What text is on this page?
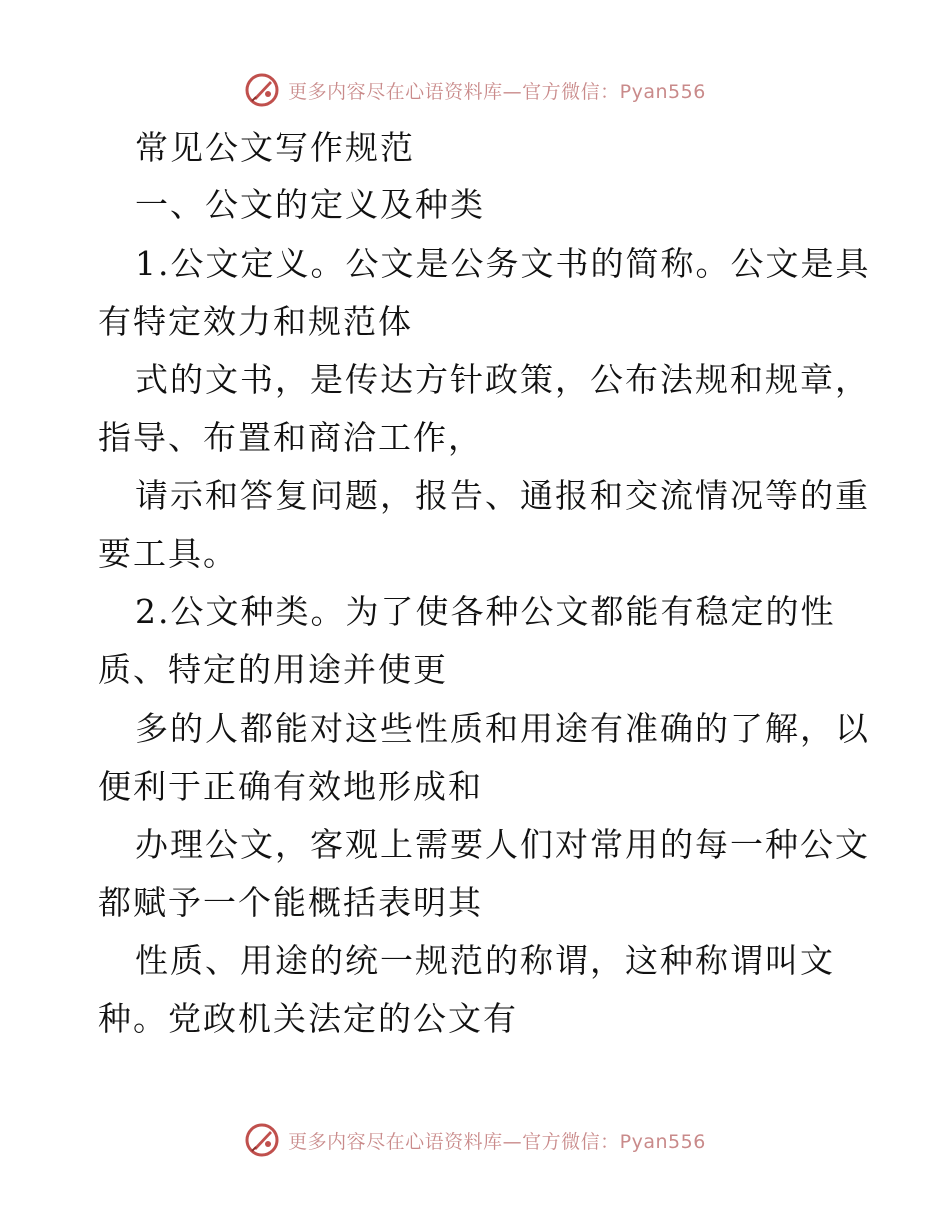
更多内容尽在心语资料库—官方微信：Pyan556
常见公文写作规范
一、公文的定义及种类
1.公文定义。公文是公务文书的简称。公文是具
有特定效力和规范体
式的文书，是传达方针政策，公布法规和规章，
指导、布置和商洽工作，
请示和答复问题，报告、通报和交流情况等的重
要工具。
2.公文种类。为了使各种公文都能有稳定的性
质、特定的用途并使更
多的人都能对这些性质和用途有准确的了解，以
便利于正确有效地形成和
办理公文，客观上需要人们对常用的每一种公文
都赋予一个能概括表明其
性质、用途的统一规范的称谓，这种称谓叫文
种。党政机关法定的公文有
更多内容尽在心语资料库—官方微信：Pyan556
